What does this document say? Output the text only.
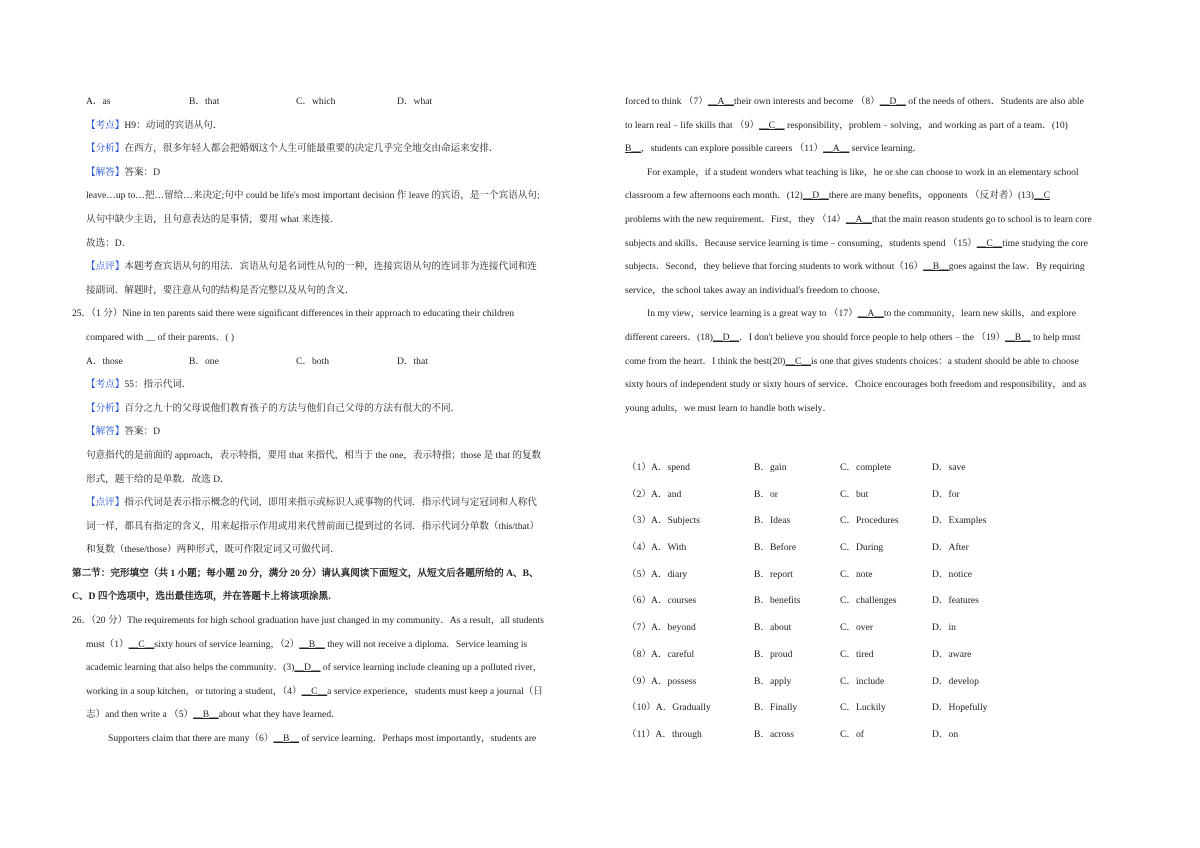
A．as	B．that	C．which	D．what
【考点】H9：动词的宾语从句．
【分析】在西方，很多年轻人都会把婚姻这个人生可能最重要的决定几乎完全地交由命运来安排．
【解答】答案：D
leave…up to…把…留给…来决定;句中 could be life's most important decision 作 leave 的宾语，是一个宾语从句;
从句中缺少主语，且句意表达的是事情，要用 what 来连接．
故选：D．
【点评】本题考查宾语从句的用法．宾语从句是名词性从句的一种，连接宾语从句的连词非为连接代词和连
接副词．解题时，要注意从句的结构是否完整以及从句的含义．
25．（1 分）Nine in ten parents said there were significant differences in their approach to educating their children
compared with __ of their parents．( )
A．those	B．one	C．both	D．that
【考点】55：指示代词．
【分析】百分之九十的父母说他们教育孩子的方法与他们自己父母的方法有很大的不同．
【解答】答案：D
句意指代的是前面的 approach，表示特指，要用 that 来指代，相当于 the one，表示特指；those 是 that 的复数
形式，题干给的是单数．故选 D．
【点评】指示代词是表示指示概念的代词，即用来指示或标识人或事物的代词．指示代词与定冠词和人称代
词一样，都具有指定的含义，用来起指示作用或用来代替前面已提到过的名词．指示代词分单数（this/that）
和复数（these/those）两种形式，既可作限定词又可做代词．
第二节：完形填空（共 1 小题；每小题 20 分，满分 20 分）请认真阅读下面短文，从短文后各题所给的 A、B、
C、D 四个选项中，选出最佳选项，并在答题卡上将该项涂黑．
26．（20 分）The requirements for high school graduation have just changed in my community．As a result，all students
must（1）__C__sixty hours of service learning，（2）__B__ they will not receive a diploma．Service learning is
academic learning that also helps the community．(3)__D__ of service learning include cleaning up a polluted river，
working in a soup kitchen，or tutoring a student，（4）__C__a service experience，students must keep a journal（日
志）and then write a （5）__B__about what they have learned．
Supporters claim that there are many（6）__B__ of service learning．Perhaps most importantly，students are
forced to think （7）__A__their own interests and become （8）__D__ of the needs of others．Students are also able
to learn real﹣life skills that （9）__C__ responsibility，problem﹣solving，and working as part of a team．(10)
B__，students can explore possible careers （11）__A__ service learning．
For example，if a student wonders what teaching is like，he or she can choose to work in an elementary school
classroom a few afternoons each month．(12)__D__there are many benefits，opponents （反对者）(13)__C
problems with the new requirement．First，they （14）__A__that the main reason students go to school is to learn core
subjects and skills．Because service learning is time﹣consuming，students spend （15）__C__time studying the core
subjects．Second，they believe that forcing students to work without（16）__B__goes against the law．By requiring
service，the school takes away an individual's freedom to choose．
In my view，service learning is a great way to （17）__A__to the community，learn new skills，and explore
different careers．(18)__D__．I don't believe you should force people to help others﹣the （19）__B__ to help must
come from the heart．I think the best(20)__C__is one that gives students choices：a student should be able to choose
sixty hours of independent study or sixty hours of service．Choice encourages both freedom and responsibility，and as
young adults，we must learn to handle both wisely．
（1）A．spend	B．gain	C．complete	D．save
（2）A．and	B．or	C．but	D．for
（3）A．Subjects	B．Ideas	C．Procedures	D．Examples
（4）A．With	B．Before	C．During	D．After
（5）A．diary	B．report	C．note	D．notice
（6）A．courses	B．benefits	C．challenges	D．features
（7）A．beyond	B．about	C．over	D．in
（8）A．careful	B．proud	C．tired	D．aware
（9）A．possess	B．apply	C．include	D．develop
（10）A．Gradually	B．Finally	C．Luckily	D．Hopefully
（11）A．through	B．across	C．of	D．on
